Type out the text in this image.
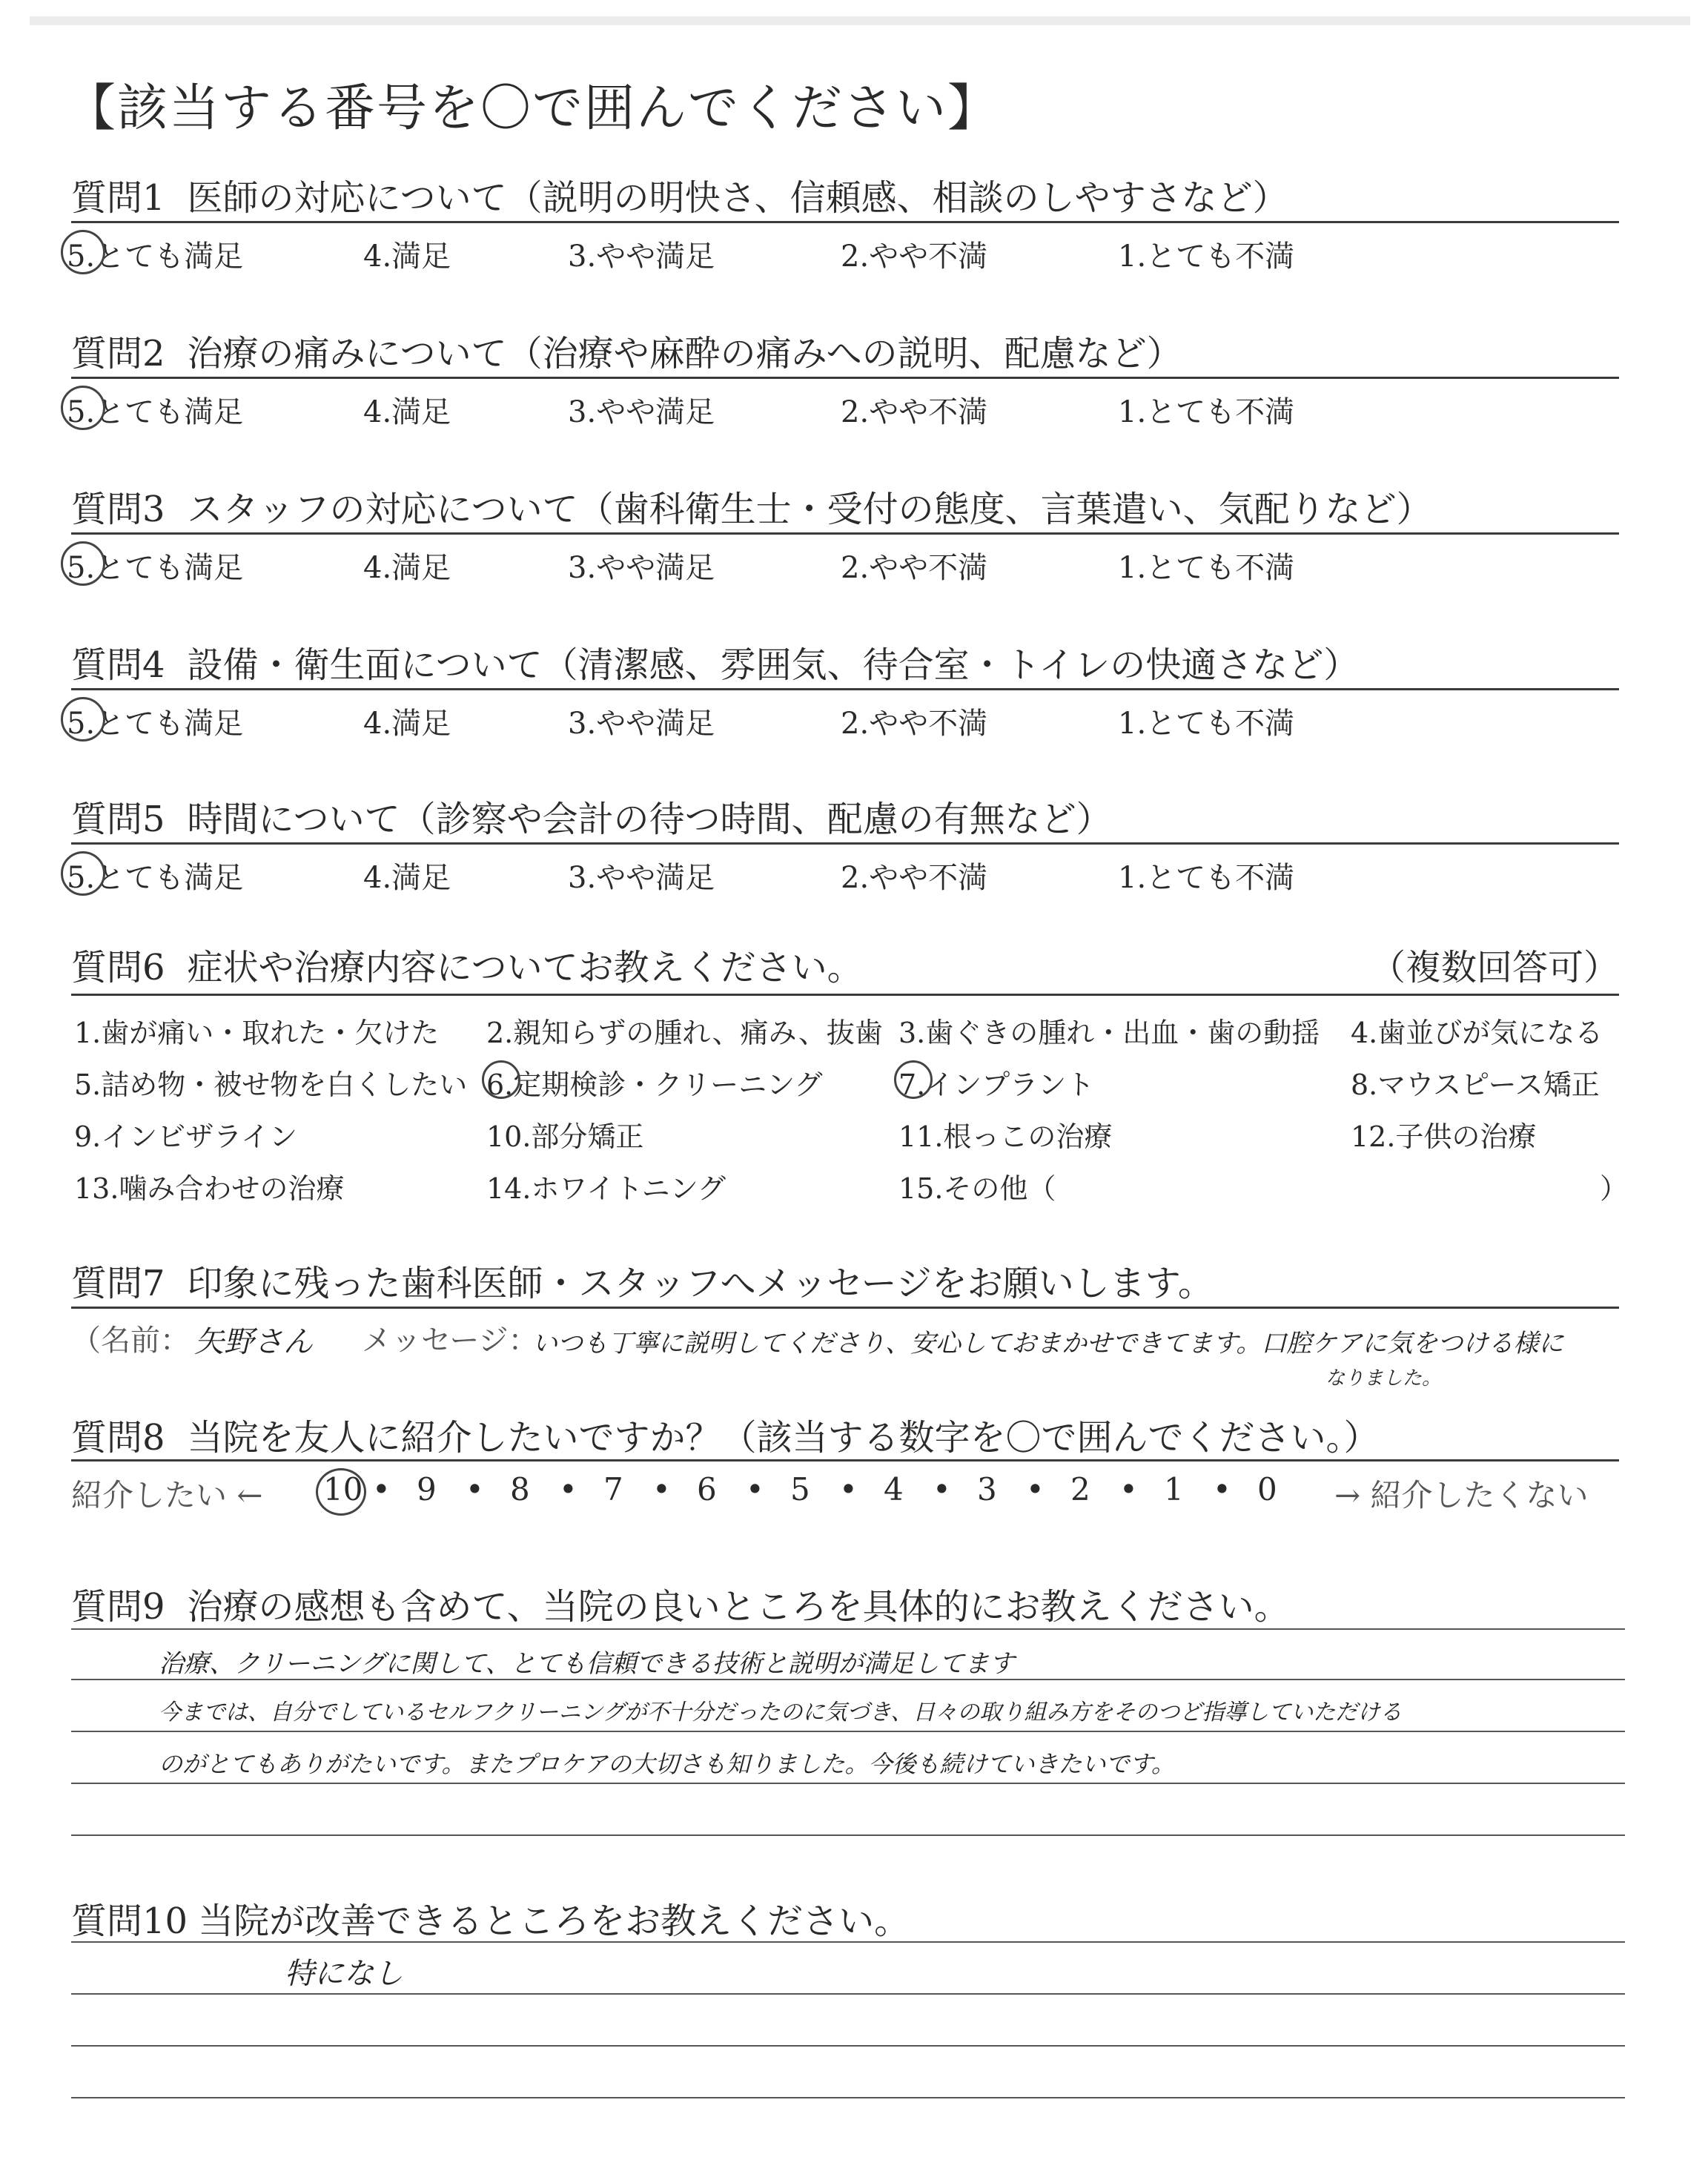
【該当する番号を〇で囲んでください】
質問1 医師の対応について（説明の明快さ、信頼感、相談のしやすさなど）
5.とても満足	4.満足	3.やや満足	2.やや不満	1.とても不満
質問2 治療の痛みについて（治療や麻酔の痛みへの説明、配慮など）
5.とても満足	4.満足	3.やや満足	2.やや不満	1.とても不満
質問3 スタッフの対応について（歯科衛生士・受付の態度、言葉遣い、気配りなど）
5.とても満足	4.満足	3.やや満足	2.やや不満	1.とても不満
質問4 設備・衛生面について（清潔感、雰囲気、待合室・トイレの快適さなど）
5.とても満足	4.満足	3.やや満足	2.やや不満	1.とても不満
質問5 時間について（診察や会計の待つ時間、配慮の有無など）
5.とても満足	4.満足	3.やや満足	2.やや不満	1.とても不満
質問6 症状や治療内容についてお教えください。	（複数回答可）
1.歯が痛い・取れた・欠けた 2.親知らずの腫れ、痛み、抜歯 3.歯ぐきの腫れ・出血・歯の動揺 4.歯並びが気になる
5.詰め物・被せ物を白くしたい 6.定期検診・クリーニング	7.インプラント	8.マウスピース矯正
9.インビザライン	10.部分矯正	11.根っこの治療	12.子供の治療
13.噛み合わせの治療	14.ホワイトニング	15.その他（	）
質問7 印象に残った歯科医師・スタッフへメッセージをお願いします。
（名前： 矢野さん メッセージ：
いつも丁寧に説明してくださり、安心しておまかせできてます。口腔ケアに気をつける様に
なりました。
質問8 当院を友人に紹介したいですか？（該当する数字を〇で囲んでください。）
紹介したい ← 10 • 9 • 8 • 7 • 6 • 5 • 4 • 3 • 2 • 1 • 0 → 紹介したくない
質問9 治療の感想も含めて、当院の良いところを具体的にお教えください。
治療、クリーニングに関して、とても信頼できる技術と説明が満足してます
今までは、自分でしているセルフクリーニングが不十分だったのに気づき、日々の取り組み方をそのつど指導していただける
のがとてもありがたいです。またプロケアの大切さも知りました。今後も続けていきたいです。
質問10 当院が改善できるところをお教えください。
特になし
